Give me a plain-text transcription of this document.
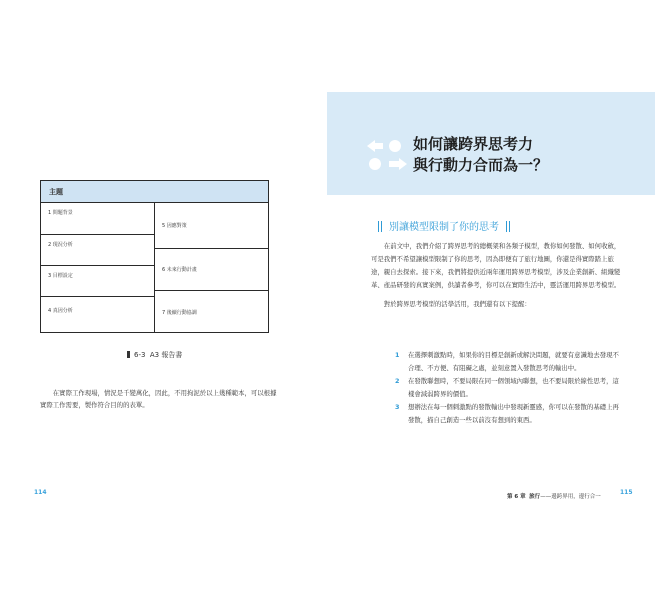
主題
1 問題背景
2 現況分析
3 目標設定
4 真因分析
5 因應對策
6 未來行動計畫
7 後續行動協調
6-3 A3 報告書

在實際工作現場，情況是千變萬化，因此，不用拘泥於以上幾種範本，可以根據實際工作需要，製作符合目的的表單。

114
如何讓跨界思考力
與行動力合而為一？
別讓模型限制了你的思考

在前文中，我們介紹了跨界思考的總概架和各類子模型，教你如何發散、如何收斂，可是我們不希望讓模型限制了你的思考，因為即便有了旅行地圖，你還是得實際踏上旅途，親自去探索。接下來，我們將提供近兩年運用跨界思考模型，涉及企業創新、組織變革、產品研發的真實案例，供讀者參考，你可以在實際生活中，靈活運用跨界思考模型。

對於跨界思考模型的活學活用，我們還有以下提醒：

1 在選擇刺激點時，如果你的目標是創新或解決問題，就要有意識地去發現不合理、不方便、有阻礙之處，並刻意置入發散思考的輸出中。
2 在發散聯想時，不要局限在同一個領域內聯想，也不要局限於線性思考，這樣會減弱跨界的價值。
3 想辦法在每一個刺激點的發散輸出中發現新靈感，你可以在發散的基礎上再發散，描自己創造一些以前沒有想到的東西。
第 6 章 旅行——邊跨界用，邊行合一
115
